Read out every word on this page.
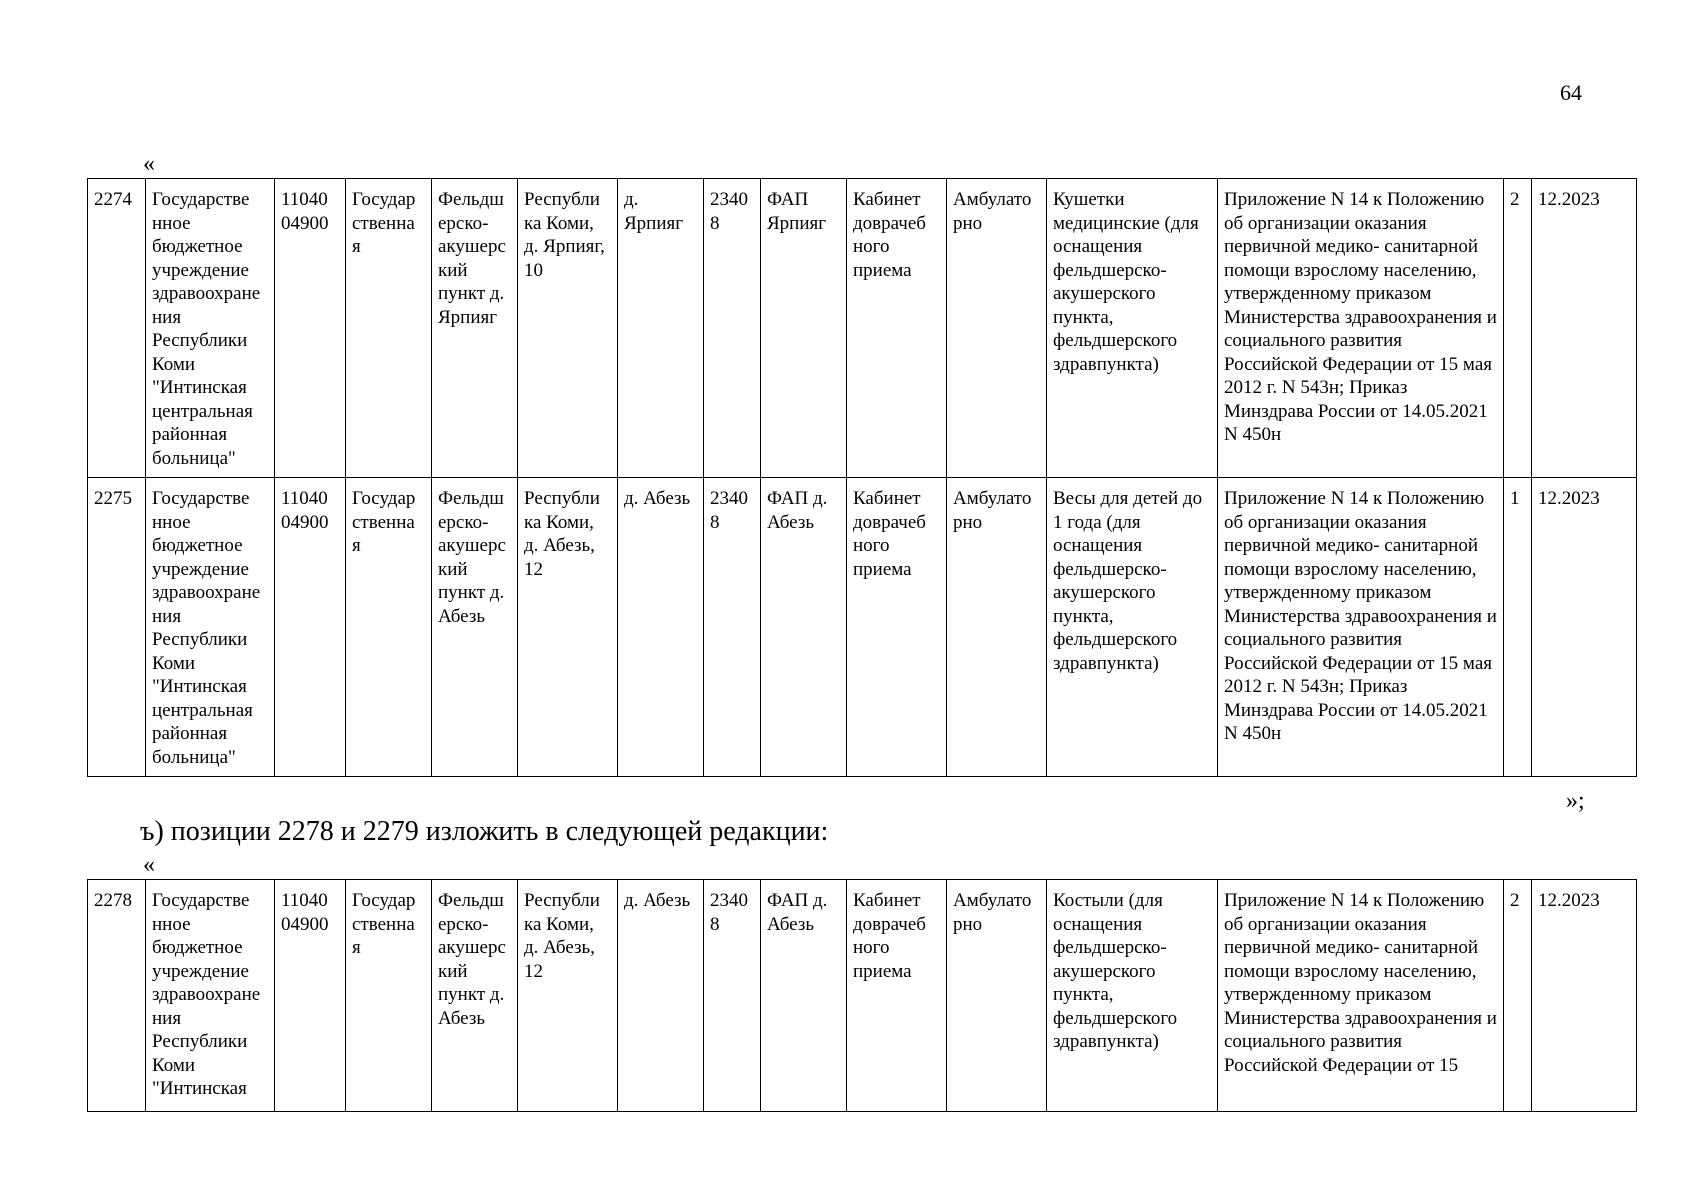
64
«
2274	Государстве нное бюджетное учреждение здравоохране ния Республики Коми "Интинская центральная районная больница"	11040 04900	Государ ственна я	Фельдш ерско- акушерс кий пункт д. Ярпияг	Республи ка Коми, д. Ярпияг, 10	д. Ярпияг	2340 8	ФАП Ярпияг	Кабинет доврачеб ного приема	Амбулато рно	Кушетки медицинские (для оснащения фельдшерско- акушерского пункта, фельдшерского здравпункта)	Приложение N 14 к Положению об организации оказания первичной медико- санитарной помощи взрослому населению, утвержденному приказом Министерства здравоохранения и социального развития Российской Федерации от 15 мая 2012 г. N 543н; Приказ Минздрава России от 14.05.2021 N 450н	2	12.2023
2275	Государстве нное бюджетное учреждение здравоохране ния Республики Коми "Интинская центральная районная больница"	11040 04900	Государ ственна я	Фельдш ерско- акушерс кий пункт д. Абезь	Республи ка Коми, д. Абезь, 12	д. Абезь	2340 8	ФАП д. Абезь	Кабинет доврачеб ного приема	Амбулато рно	Весы для детей до 1 года (для оснащения фельдшерско- акушерского пункта, фельдшерского здравпункта)	Приложение N 14 к Положению об организации оказания первичной медико- санитарной помощи взрослому населению, утвержденному приказом Министерства здравоохранения и социального развития Российской Федерации от 15 мая 2012 г. N 543н; Приказ Минздрава России от 14.05.2021 N 450н	1	12.2023
»;
ъ) позиции 2278 и 2279 изложить в следующей редакции:
«
2278	Государстве нное бюджетное учреждение здравоохране ния Республики Коми "Интинская	11040 04900	Государ ственна я	Фельдш ерско- акушерс кий пункт д. Абезь	Республи ка Коми, д. Абезь, 12	д. Абезь	2340 8	ФАП д. Абезь	Кабинет доврачеб ного приема	Амбулато рно	Костыли (для оснащения фельдшерско- акушерского пункта, фельдшерского здравпункта)	Приложение N 14 к Положению об организации оказания первичной медико- санитарной помощи взрослому населению, утвержденному приказом Министерства здравоохранения и социального развития Российской Федерации от 15	2	12.2023
